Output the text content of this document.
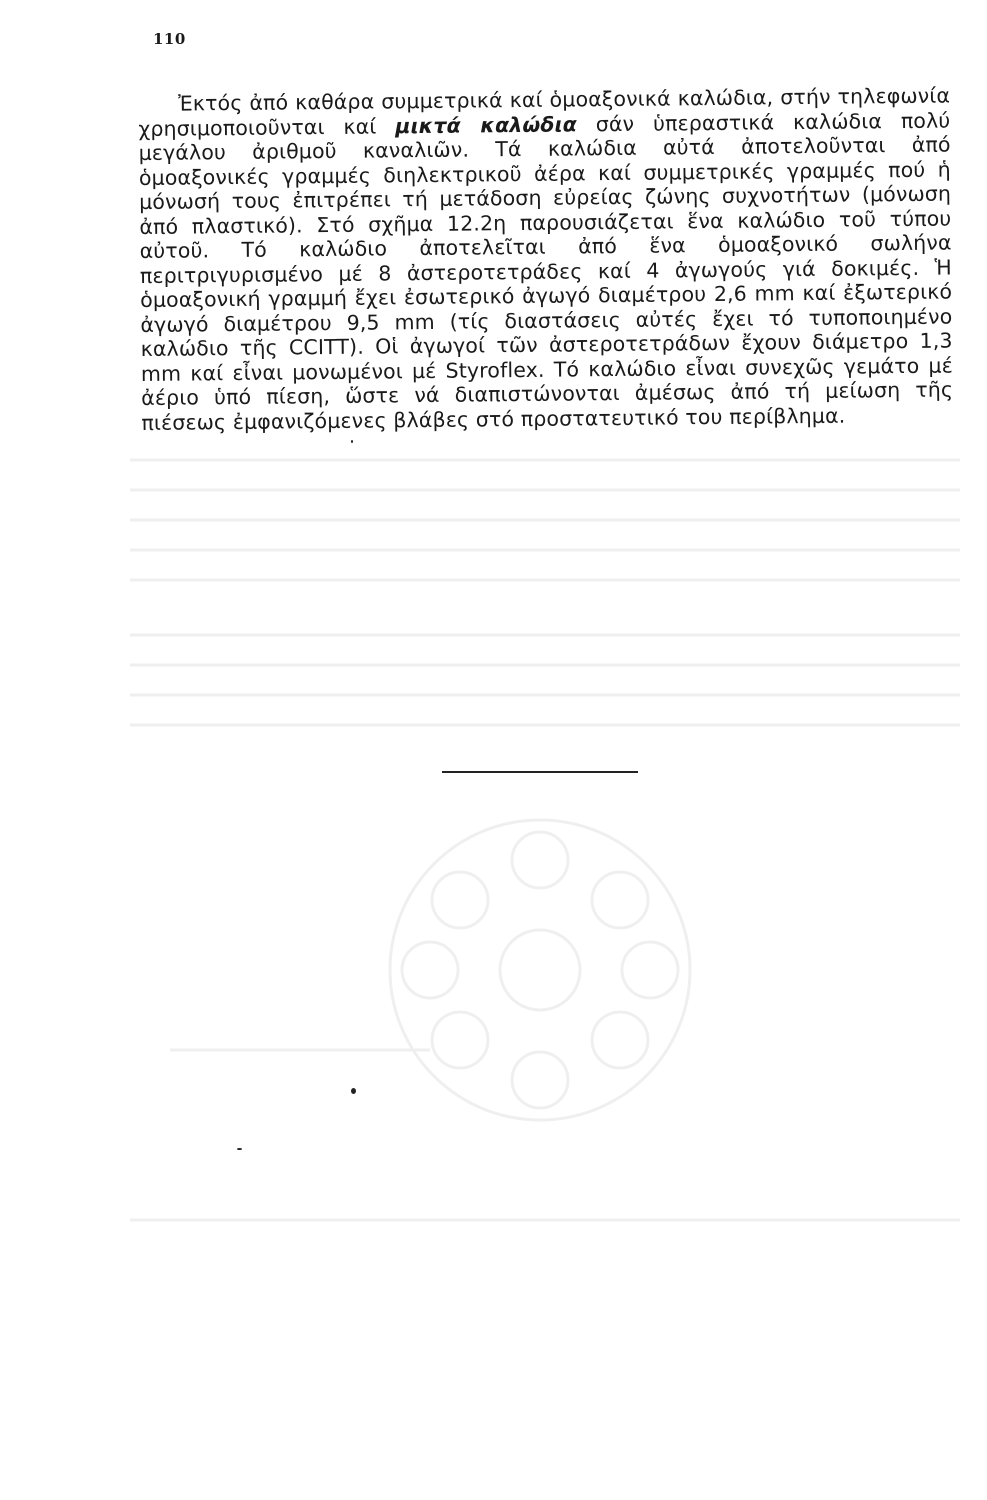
110
Ἐκτός ἀπό καθάρα συμμετρικά καί ὁμοαξονικά καλώδια, στήν τηλεφωνία χρησιμοποιοῦνται καί μικτά καλώδια σάν ὑπεραστικά καλώδια πολύ μεγάλου ἀριθμοῦ καναλιῶν. Τά καλώδια αὐτά ἀποτελοῦνται ἀπό ὁμοαξονικές γραμμές διηλεκτρικοῦ ἀέρα καί συμμετρικές γραμμές πού ἡ μόνωσή τους ἐπιτρέπει τή μετάδοση εὐρείας ζώνης συχνοτήτων (μόνωση ἀπό πλαστικό). Στό σχῆμα 12.2η παρουσιάζεται ἕνα καλώδιο τοῦ τύπου αὐτοῦ. Τό καλώδιο ἀποτελεῖται ἀπό ἕνα ὁμοαξονικό σωλήνα περιτριγυρισμένο μέ 8 ἀστεροτετράδες καί 4 ἀγωγούς γιά δοκιμές. Ἡ ὁμοαξονική γραμμή ἔχει ἐσωτερικό ἀγωγό διαμέτρου 2,6 mm καί ἐξωτερικό ἀγωγό διαμέτρου 9,5 mm (τίς διαστάσεις αὐτές ἔχει τό τυποποιημένο καλώδιο τῆς CCITT). Οἱ ἀγωγοί τῶν ἀστεροτετράδων ἔχουν διάμετρο 1,3 mm καί εἶναι μονωμένοι μέ Styroflex. Τό καλώδιο εἶναι συνεχῶς γεμάτο μέ ἀέριο ὑπό πίεση, ὥστε νά διαπιστώνονται ἀμέσως ἀπό τή μείωση τῆς πιέσεως ἐμφανιζόμενες βλάβες στό προστατευτικό του περίβλημα.
